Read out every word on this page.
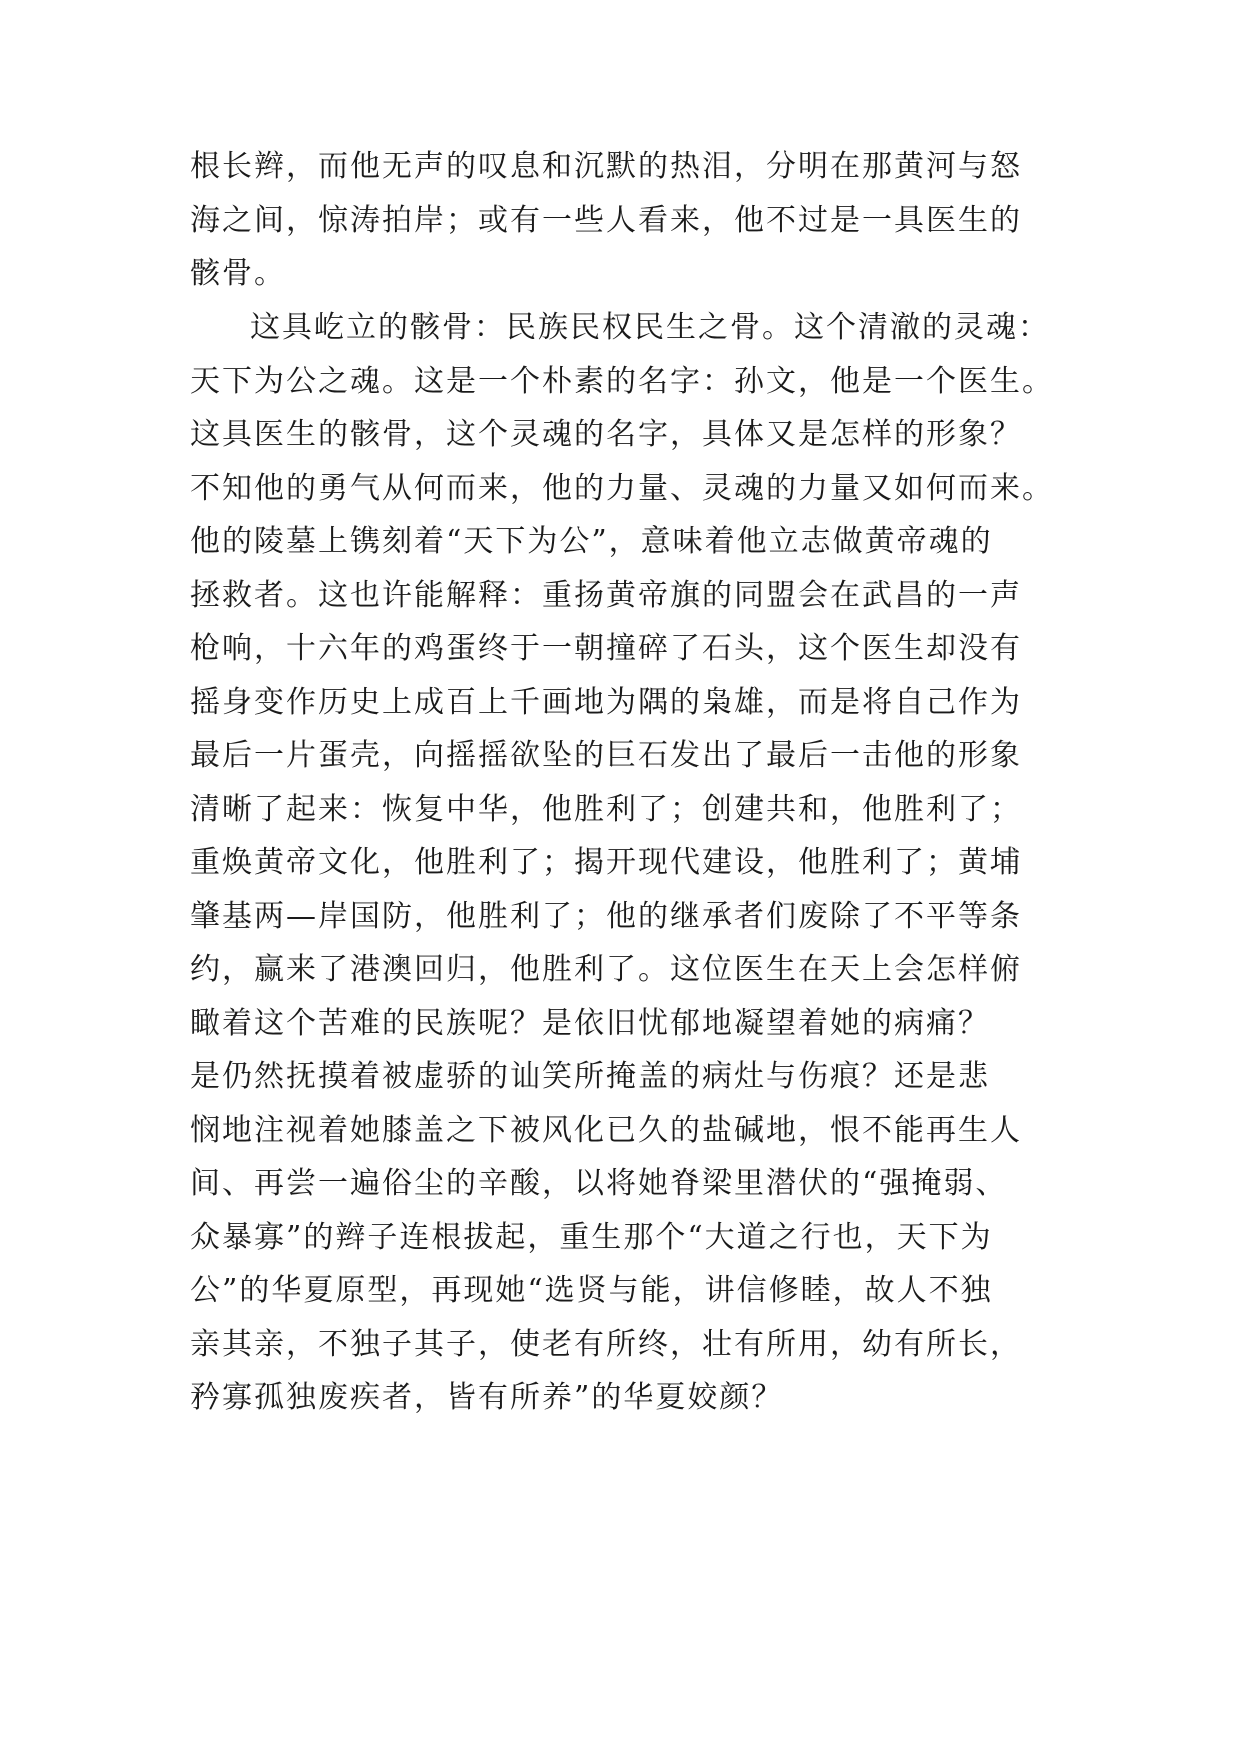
根长辫，而他无声的叹息和沉默的热泪，分明在那黄河与怒
海之间，惊涛拍岸；或有一些人看来，他不过是一具医生的
骸骨。
这具屹立的骸骨：民族民权民生之骨。这个清澈的灵魂：
天下为公之魂。这是一个朴素的名字：孙文，他是一个医生。
这具医生的骸骨，这个灵魂的名字，具体又是怎样的形象？
不知他的勇气从何而来，他的力量、灵魂的力量又如何而来。
他的陵墓上镌刻着“天下为公”，意味着他立志做黄帝魂的
拯救者。这也许能解释：重扬黄帝旗的同盟会在武昌的一声
枪响，十六年的鸡蛋终于一朝撞碎了石头，这个医生却没有
摇身变作历史上成百上千画地为隅的枭雄，而是将自己作为
最后一片蛋壳，向摇摇欲坠的巨石发出了最后一击他的形象
清晰了起来：恢复中华，他胜利了；创建共和，他胜利了；
重焕黄帝文化，他胜利了；揭开现代建设，他胜利了；黄埔
肇基两—岸国防，他胜利了；他的继承者们废除了不平等条
约，赢来了港澳回归，他胜利了。这位医生在天上会怎样俯
瞰着这个苦难的民族呢？是依旧忧郁地凝望着她的病痛？
是仍然抚摸着被虚骄的讪笑所掩盖的病灶与伤痕？还是悲
悯地注视着她膝盖之下被风化已久的盐碱地，恨不能再生人
间、再尝一遍俗尘的辛酸，以将她脊梁里潜伏的“强掩弱、
众暴寡”的辫子连根拔起，重生那个“大道之行也，天下为
公”的华夏原型，再现她“选贤与能，讲信修睦，故人不独
亲其亲，不独子其子，使老有所终，壮有所用，幼有所长，
矜寡孤独废疾者，皆有所养”的华夏姣颜？
